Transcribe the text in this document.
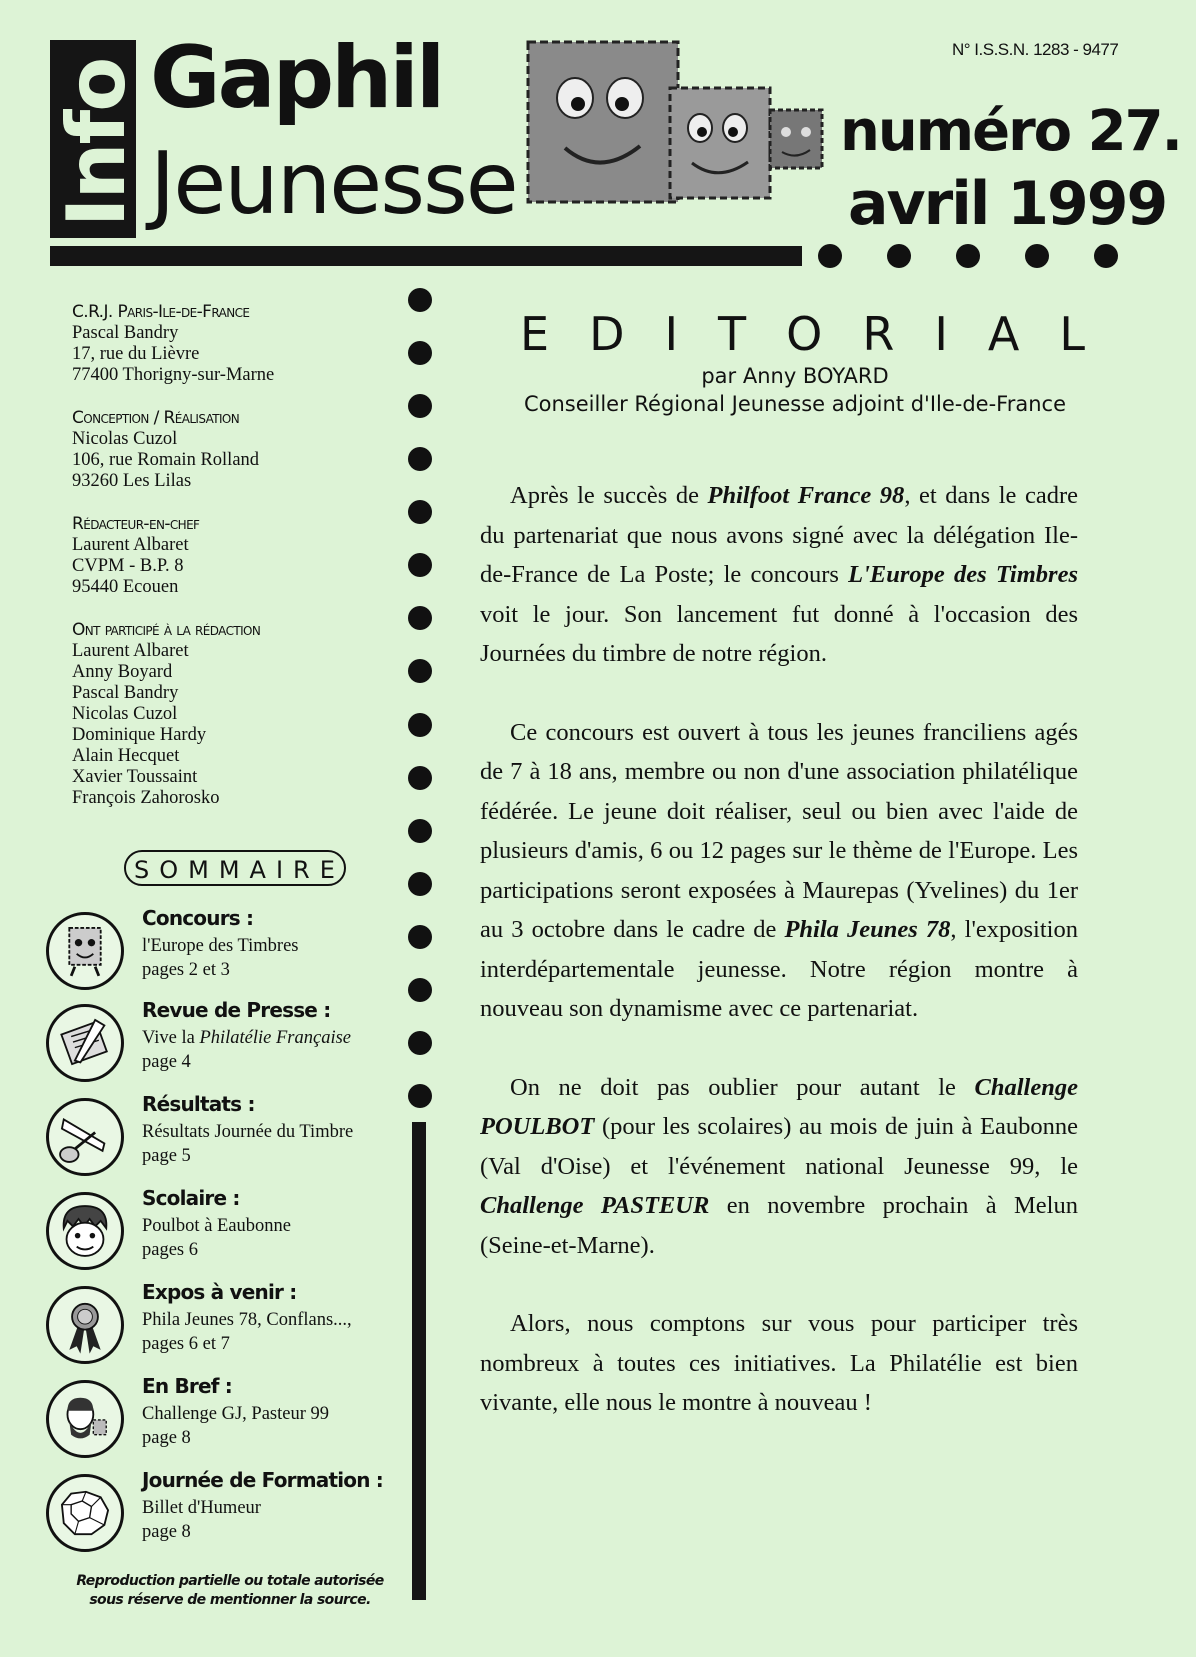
N° I.S.S.N. 1283 - 9477
Info Gaphil
Jeunesse
numéro 27.
avril 1999
C.R.J. Paris-Ile-de-France
Pascal Bandry
17, rue du Lièvre
77400 Thorigny-sur-Marne
Conception / Réalisation
Nicolas Cuzol
106, rue Romain Rolland
93260 Les Lilas
Rédacteur-en-chef
Laurent Albaret
CVPM - B.P. 8
95440 Ecouen
Ont participé à la rédaction
Laurent Albaret
Anny Boyard
Pascal Bandry
Nicolas Cuzol
Dominique Hardy
Alain Hecquet
Xavier Toussaint
François Zahorosko
SOMMAIRE
Concours :
l'Europe des Timbres
pages 2 et 3
Revue de Presse :
Vive la Philatélie Française
page 4
Résultats :
Résultats Journée du Timbre
page 5
Scolaire :
Poulbot à Eaubonne
pages 6
Expos à venir :
Phila Jeunes 78, Conflans...,
pages 6 et 7
En Bref :
Challenge GJ, Pasteur 99
page 8
Journée de Formation :
Billet d'Humeur
page 8
Reproduction partielle ou totale autorisée
sous réserve de mentionner la source.
EDITORIAL
par Anny BOYARD
Conseiller Régional Jeunesse adjoint d'Ile-de-France

Après le succès de Philfoot France 98, et dans le cadre du partenariat que nous avons signé avec la délégation Ile-de-France de La Poste; le concours L'Europe des Timbres voit le jour. Son lancement fut donné à l'occasion des Journées du timbre de notre région.

Ce concours est ouvert à tous les jeunes franciliens agés de 7 à 18 ans, membre ou non d'une association philatélique fédérée. Le jeune doit réaliser, seul ou bien avec l'aide de plusieurs d'amis, 6 ou 12 pages sur le thème de l'Europe. Les participations seront exposées à Maurepas (Yvelines) du 1er au 3 octobre dans le cadre de Phila Jeunes 78, l'exposition interdépartementale jeunesse. Notre région montre à nouveau son dynamisme avec ce partenariat.

On ne doit pas oublier pour autant le Challenge POULBOT (pour les scolaires) au mois de juin à Eaubonne (Val d'Oise) et l'événement national Jeunesse 99, le Challenge PASTEUR en novembre prochain à Melun (Seine-et-Marne).

Alors, nous comptons sur vous pour participer très nombreux à toutes ces initiatives. La Philatélie est bien vivante, elle nous le montre à nouveau !
